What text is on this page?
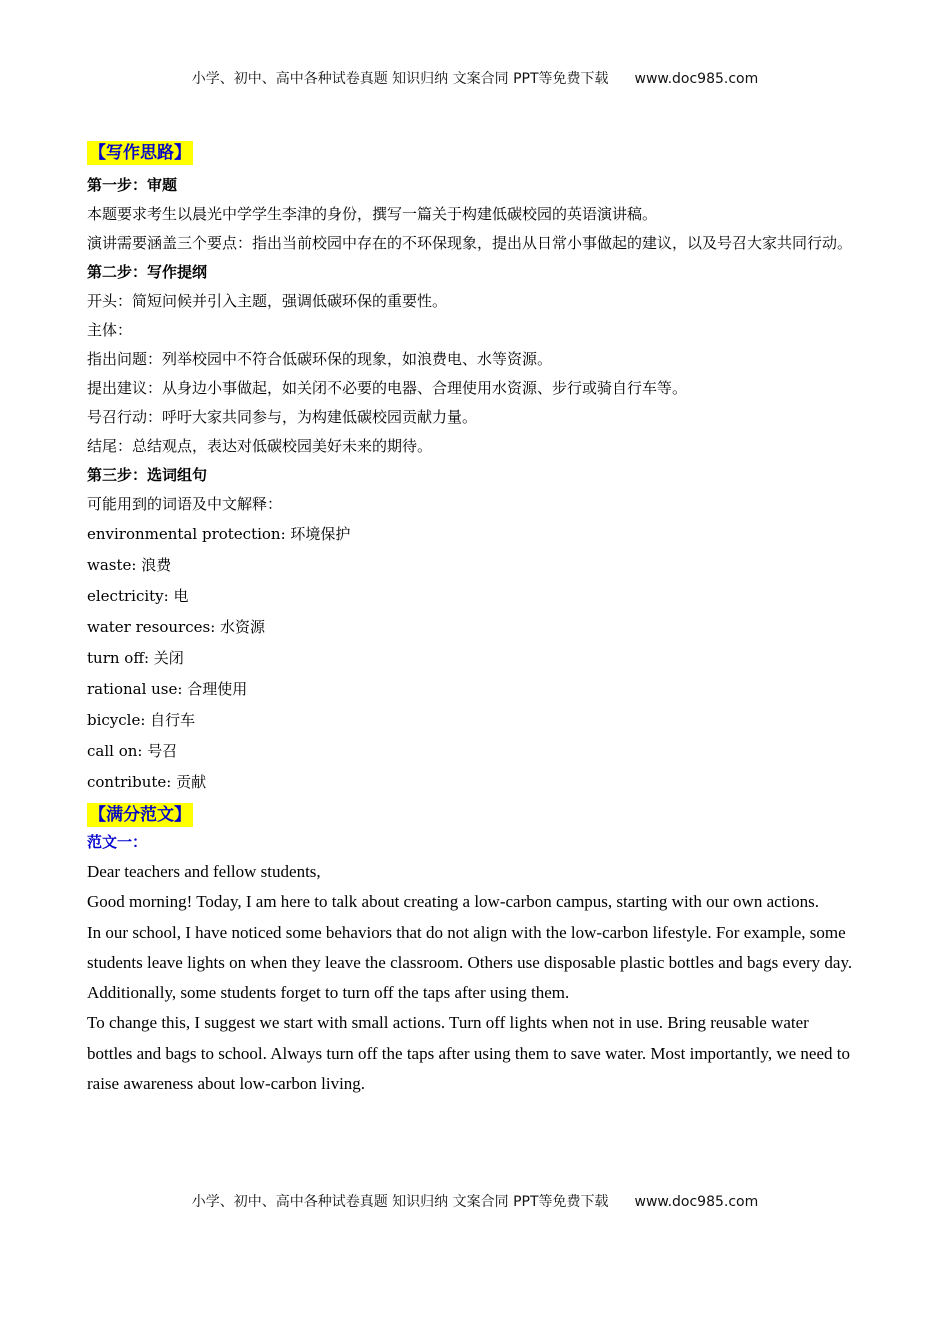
小学、初中、高中各种试卷真题 知识归纳 文案合同 PPT等免费下载 www.doc985.com
【写作思路】
第一步：审题
本题要求考生以晨光中学学生李津的身份，撰写一篇关于构建低碳校园的英语演讲稿。
演讲需要涵盖三个要点：指出当前校园中存在的不环保现象，提出从日常小事做起的建议，以及号召大家共同行动。
第二步：写作提纲
开头：简短问候并引入主题，强调低碳环保的重要性。
主体：
指出问题：列举校园中不符合低碳环保的现象，如浪费电、水等资源。
提出建议：从身边小事做起，如关闭不必要的电器、合理使用水资源、步行或骑自行车等。
号召行动：呼吁大家共同参与，为构建低碳校园贡献力量。
结尾：总结观点，表达对低碳校园美好未来的期待。
第三步：选词组句
可能用到的词语及中文解释：
environmental protection: 环境保护
waste: 浪费
electricity: 电
water resources: 水资源
turn off: 关闭
rational use: 合理使用
bicycle: 自行车
call on: 号召
contribute: 贡献
【满分范文】
范文一：
Dear teachers and fellow students,
Good morning! Today, I am here to talk about creating a low-carbon campus, starting with our own actions.
In our school, I have noticed some behaviors that do not align with the low-carbon lifestyle. For example, some students leave lights on when they leave the classroom. Others use disposable plastic bottles and bags every day. Additionally, some students forget to turn off the taps after using them.
To change this, I suggest we start with small actions. Turn off lights when not in use. Bring reusable water bottles and bags to school. Always turn off the taps after using them to save water. Most importantly, we need to raise awareness about low-carbon living.
小学、初中、高中各种试卷真题 知识归纳 文案合同 PPT等免费下载 www.doc985.com
